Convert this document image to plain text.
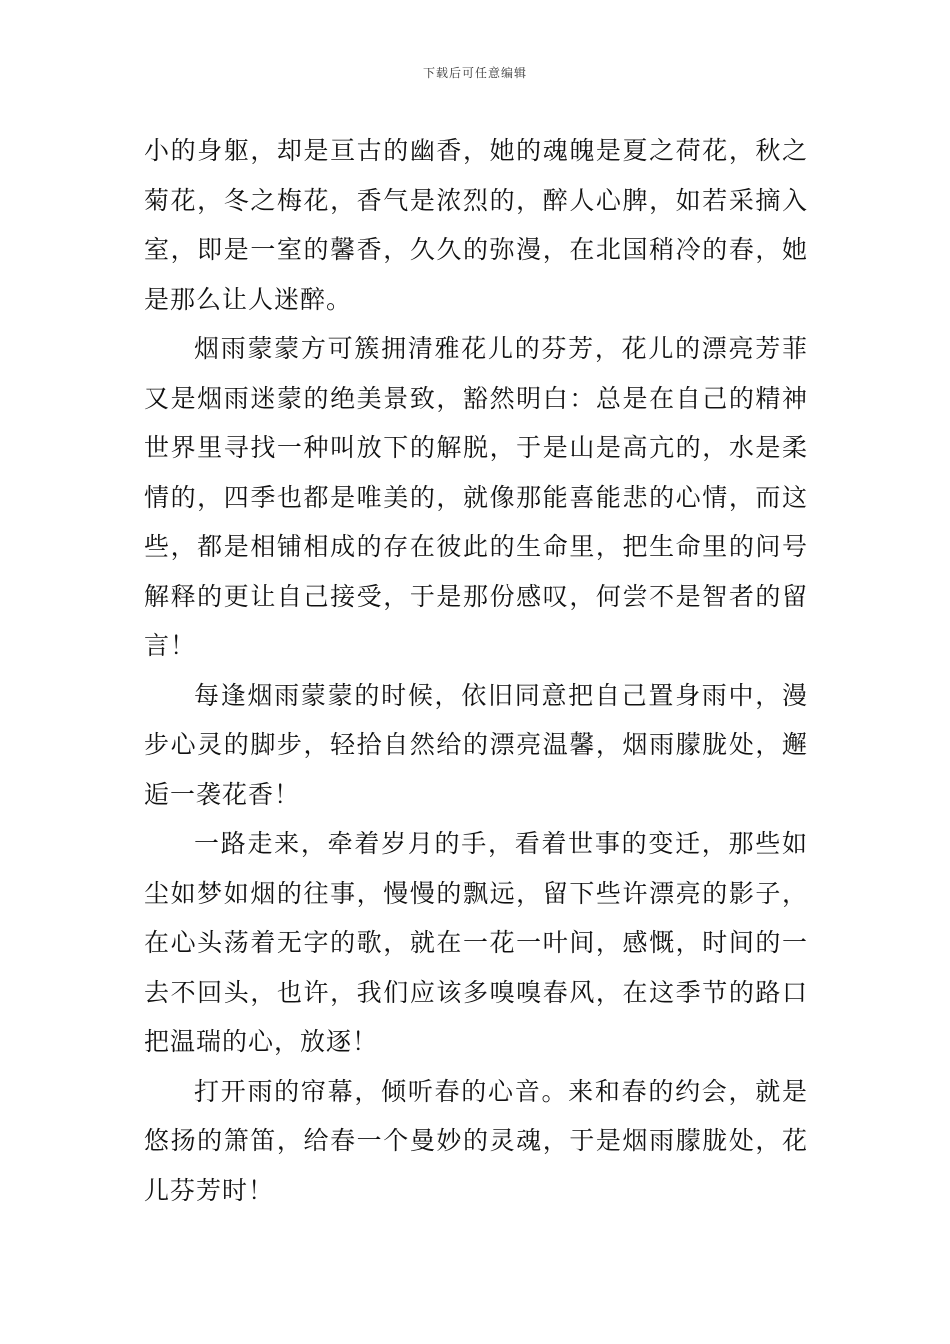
下载后可任意编辑

小的身躯，却是亘古的幽香，她的魂魄是夏之荷花，秋之菊花，冬之梅花，香气是浓烈的，醉人心脾，如若采摘入室，即是一室的馨香，久久的弥漫，在北国稍冷的春，她是那么让人迷醉。

烟雨蒙蒙方可簇拥清雅花儿的芬芳，花儿的漂亮芳菲又是烟雨迷蒙的绝美景致，豁然明白：总是在自己的精神世界里寻找一种叫放下的解脱，于是山是高亢的，水是柔情的，四季也都是唯美的，就像那能喜能悲的心情，而这些，都是相铺相成的存在彼此的生命里，把生命里的问号解释的更让自己接受，于是那份感叹，何尝不是智者的留言！

每逢烟雨蒙蒙的时候，依旧同意把自己置身雨中，漫步心灵的脚步，轻拾自然给的漂亮温馨，烟雨朦胧处，邂逅一袭花香！

一路走来，牵着岁月的手，看着世事的变迁，那些如尘如梦如烟的往事，慢慢的飘远，留下些许漂亮的影子，在心头荡着无字的歌，就在一花一叶间，感慨，时间的一去不回头，也许，我们应该多嗅嗅春风，在这季节的路口把温瑞的心，放逐！

打开雨的帘幕，倾听春的心音。来和春的约会，就是悠扬的箫笛，给春一个曼妙的灵魂，于是烟雨朦胧处，花儿芬芳时！
